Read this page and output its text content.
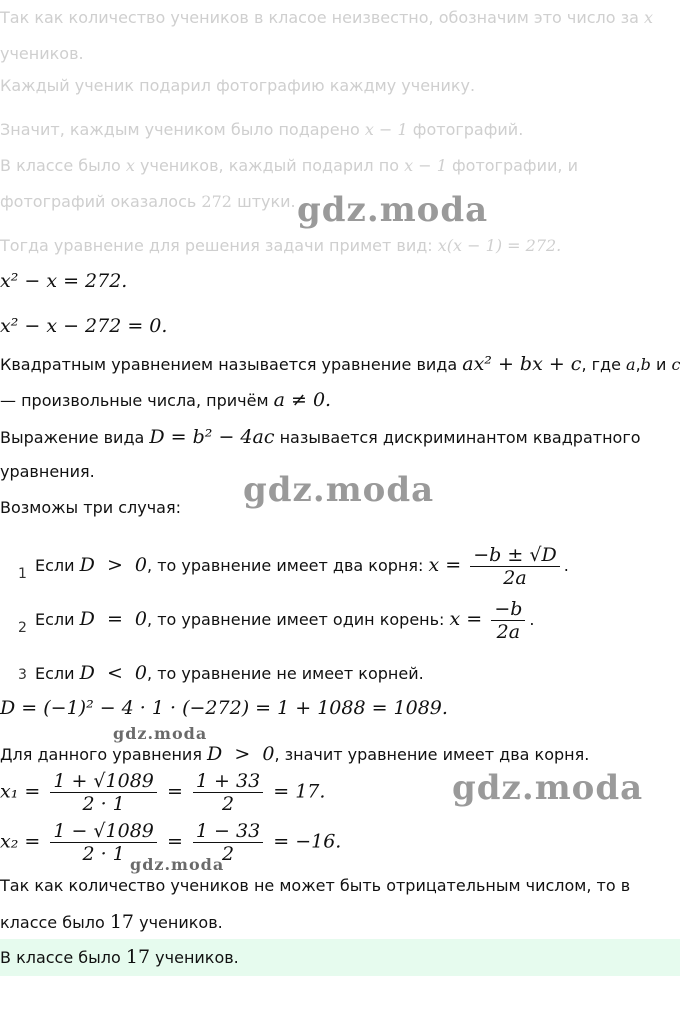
Так как количество учеников в класое неизвестно, обозначим это число за x
учеников.
Каждый ученик подарил фотографию каждму ученику.
Значит, каждым учеником было подарено x − 1 фотографий.
В классе было x учеников, каждый подарил по x − 1 фотографии, и
фотографий оказалось 272 штуки.
Тогда уравнение для решения задачи примет вид: x(x − 1) = 272.
x² − x = 272.
x² − x − 272 = 0.
Квадратным уравнением называется уравнение вида ax² + bx + c, где a,b и c
— произвольные числа, причём a ≠ 0.
Выражение вида D = b² − 4ac называется дискриминантом квадратного
уравнения.
Возможы три случая:
1 Если D  >  0, то уравнение имеет два корня: $x = \frac{-b \pm √D}{2a}$ .
2 Если D  =  0, то уравнение имеет один корень: $x = \frac{-b}{2a}$ .
3 Если D  <  0, то уравнение не имеет корней.
D = (−1)² − 4 · 1 · (−272) = 1 + 1088 = 1089.
Для данного уравнения D  >  0, значит уравнение имеет два корня.
$x_1 = \frac{1 + √1089}{2 \cdot 1} = \frac{1 + 33}{2} = 17$.
$x_2 = \frac{1 - √1089}{2 \cdot 1} = \frac{1 - 33}{2} = -16$.
Так как количество учеников не может быть отрицательным числом, то в
классе было 17 учеников.
В классе было 17 учеников.
gdz.moda
gdz.moda
gdz.moda
gdz.moda
gdz.moda
